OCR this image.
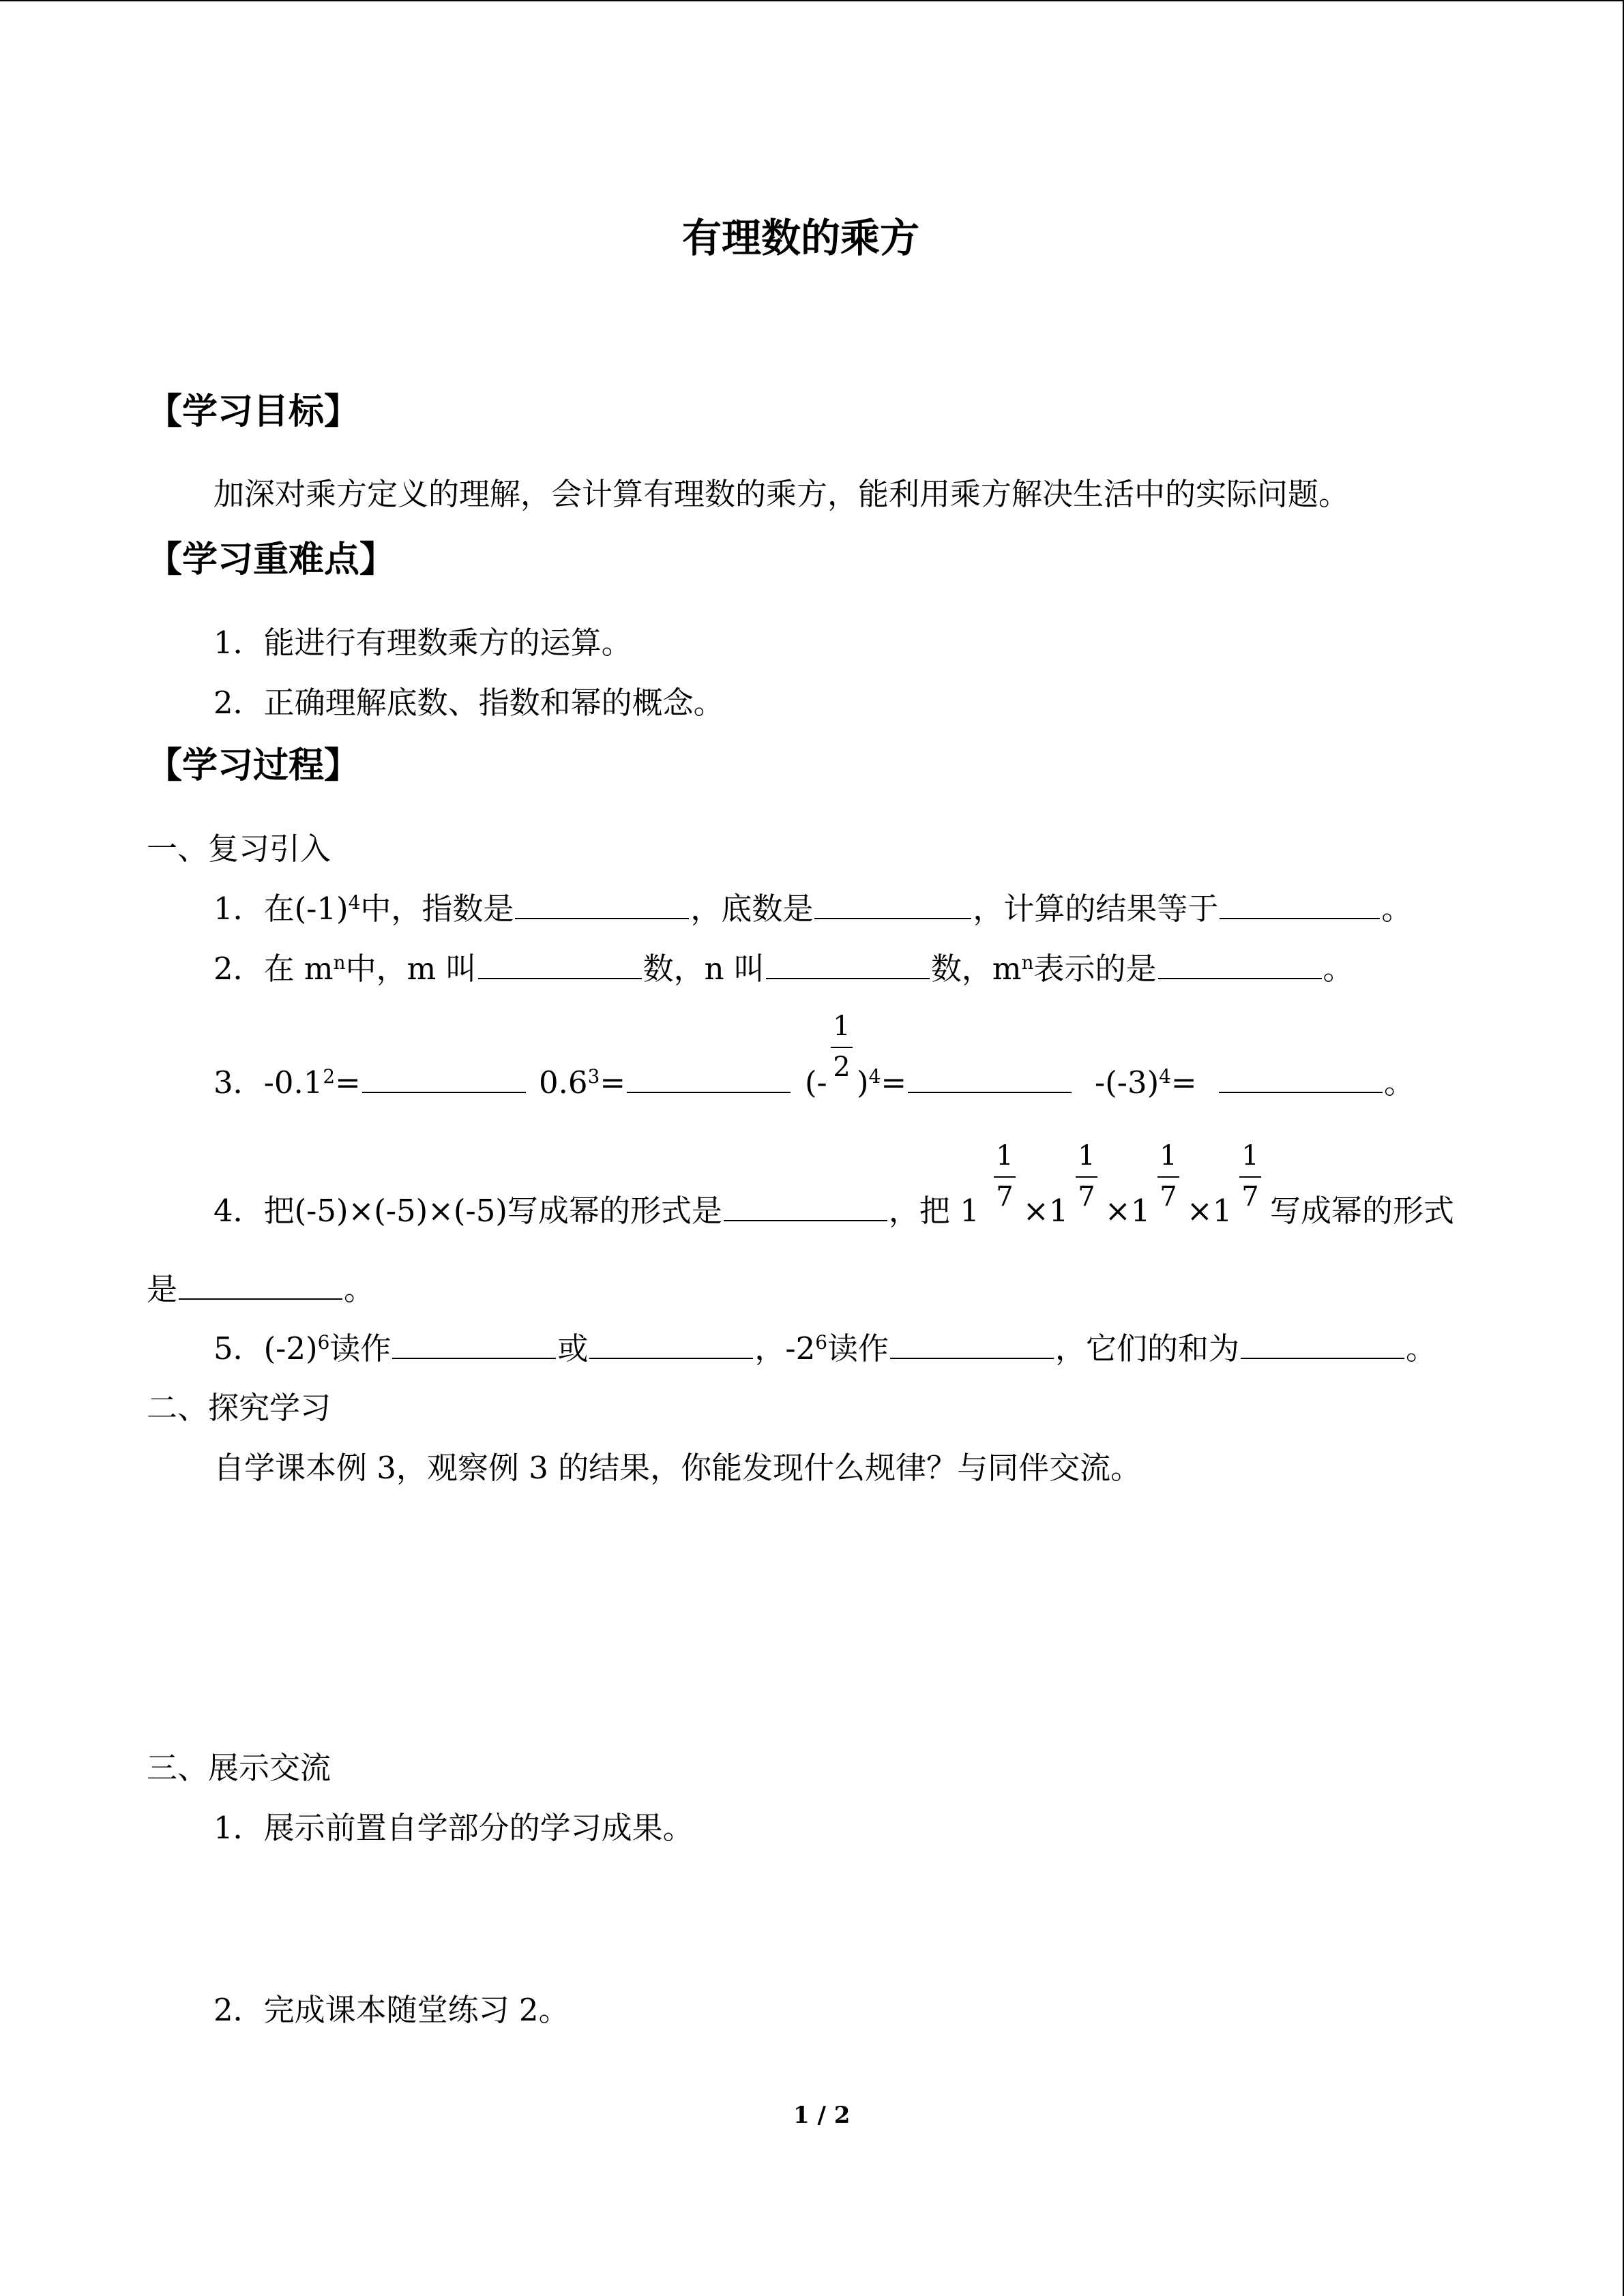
有理数的乘方
【学习目标】
加深对乘方定义的理解，会计算有理数的乘方，能利用乘方解决生活中的实际问题。
【学习重难点】
1．能进行有理数乘方的运算。
2．正确理解底数、指数和幂的概念。
【学习过程】
一、复习引入
1．在$(-1)^4$中，指数是	，底数是	，计算的结果等于	。
2．在 $m^n$中，m 叫	数，n 叫	数，$m^n$表示的是	。
3．$-0.1^2=$	$0.6^3=$	(-
1
2 )$^4$=	$-(-3)^4=$	。
4．把(-5)×(-5)×(-5)写成幂的形式是	，把 1
1
7 ×1
1
7 ×1
1
7 ×1
1
7 写成幂的形式
是	。
5．$(-2)^6$读作	或	，$-2^6$读作	，它们的和为	。
二、探究学习
自学课本例 3，观察例 3 的结果，你能发现什么规律？与同伴交流。
三、展示交流
1．展示前置自学部分的学习成果。
2．完成课本随堂练习 2。
1 / 2
